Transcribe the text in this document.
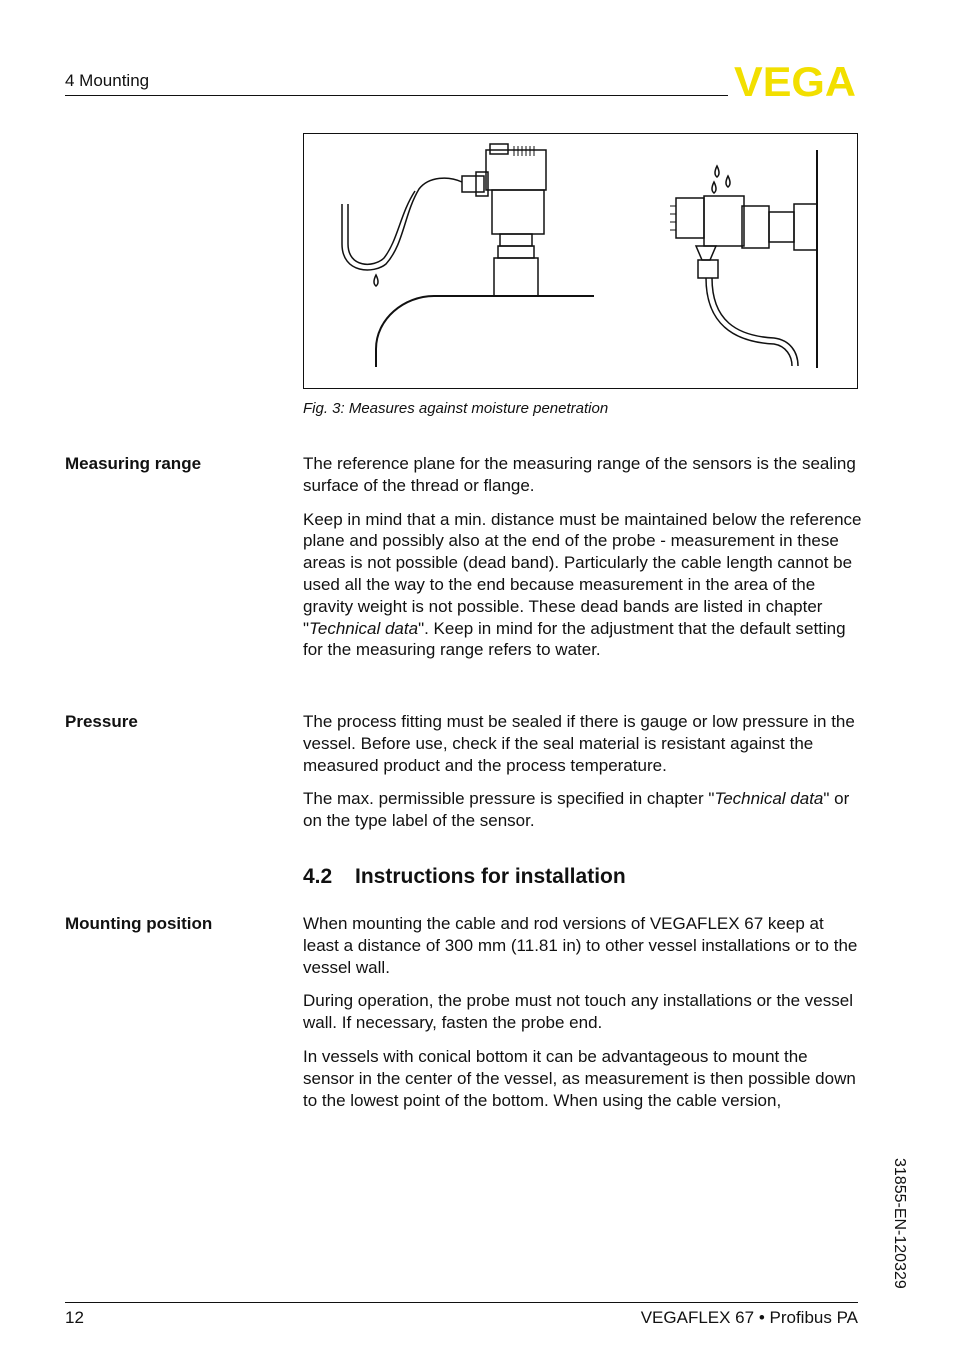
4 Mounting	VEGA
Fig. 3: Measures against moisture penetration
Measuring range	The reference plane for the measuring range of the sensors is the sealing surface of the thread or flange.

Keep in mind that a min. distance must be maintained below the reference plane and possibly also at the end of the probe - measurement in these areas is not possible (dead band). Particularly the cable length cannot be used all the way to the end because measurement in the area of the gravity weight is not possible. These dead bands are listed in chapter "Technical data". Keep in mind for the adjustment that the default setting for the measuring range refers to water.

Pressure	The process fitting must be sealed if there is gauge or low pressure in the vessel. Before use, check if the seal material is resistant against the measured product and the process temperature.

The max. permissible pressure is specified in chapter "Technical data" or on the type label of the sensor.

4.2 Instructions for installation
Mounting position	When mounting the cable and rod versions of VEGAFLEX 67 keep at least a distance of 300 mm (11.81 in) to other vessel installations or to the vessel wall.

During operation, the probe must not touch any installations or the vessel wall. If necessary, fasten the probe end.

In vessels with conical bottom it can be advantageous to mount the sensor in the center of the vessel, as measurement is then possible down to the lowest point of the bottom. When using the cable version,

31855-EN-120329
12	VEGAFLEX 67 • Profibus PA
